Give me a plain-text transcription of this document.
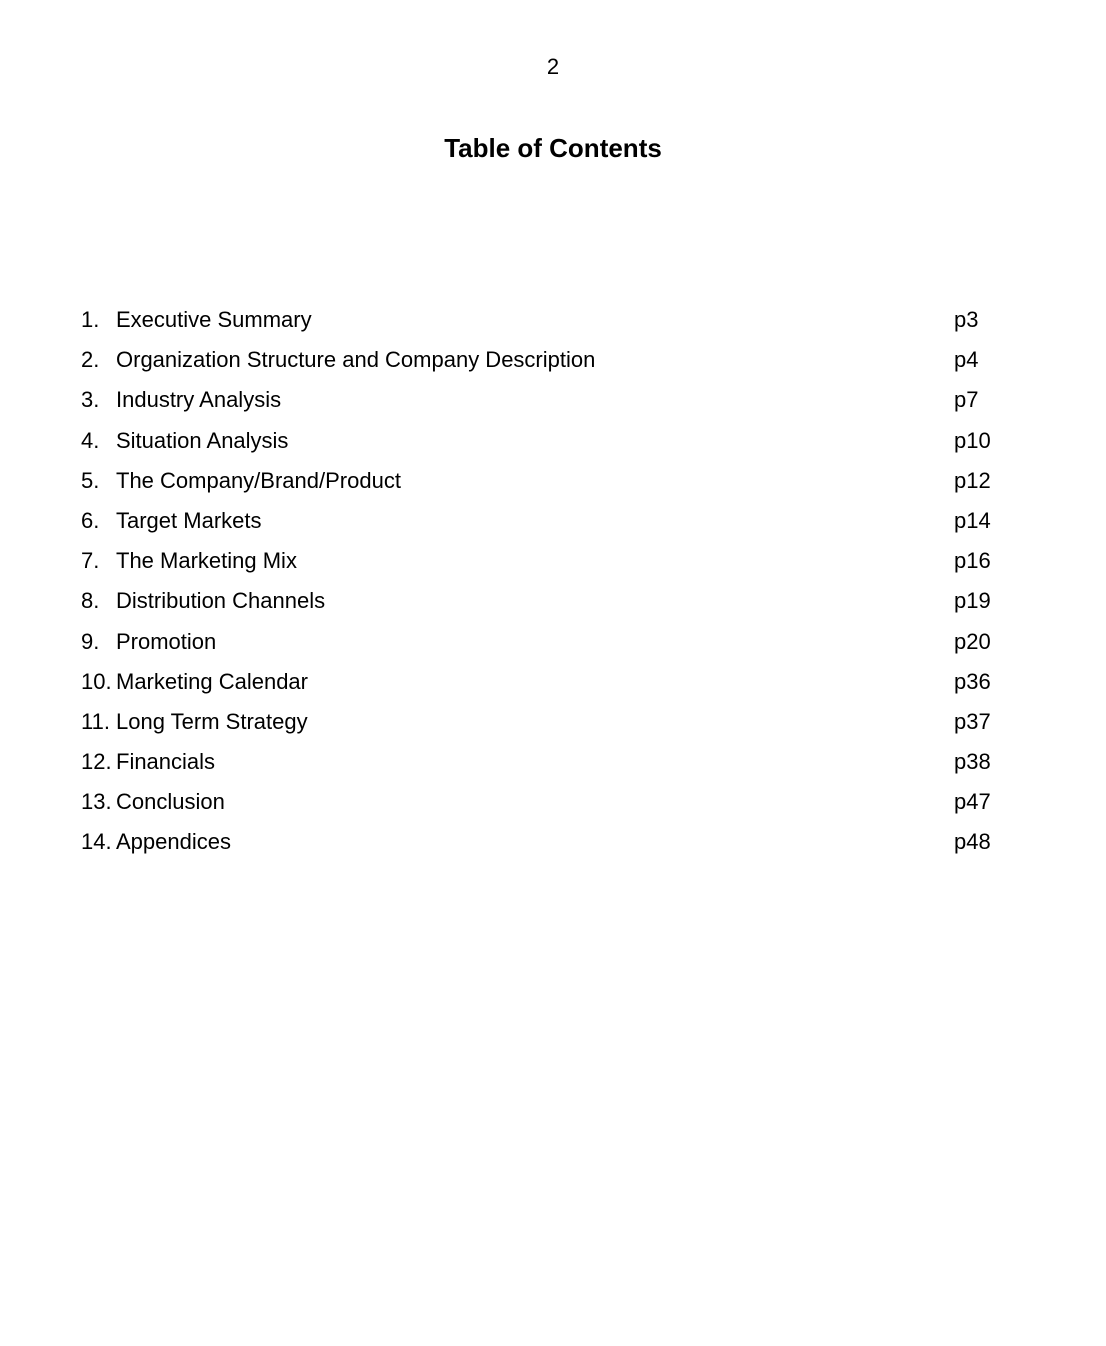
2
Table of Contents
1. Executive Summary	p3
2. Organization Structure and Company Description	p4
3. Industry Analysis	p7
4. Situation Analysis	p10
5. The Company/Brand/Product	p12
6. Target Markets	p14
7. The Marketing Mix	p16
8. Distribution Channels	p19
9. Promotion	p20
10. Marketing Calendar	p36
11. Long Term Strategy	p37
12. Financials	p38
13. Conclusion	p47
14. Appendices	p48
